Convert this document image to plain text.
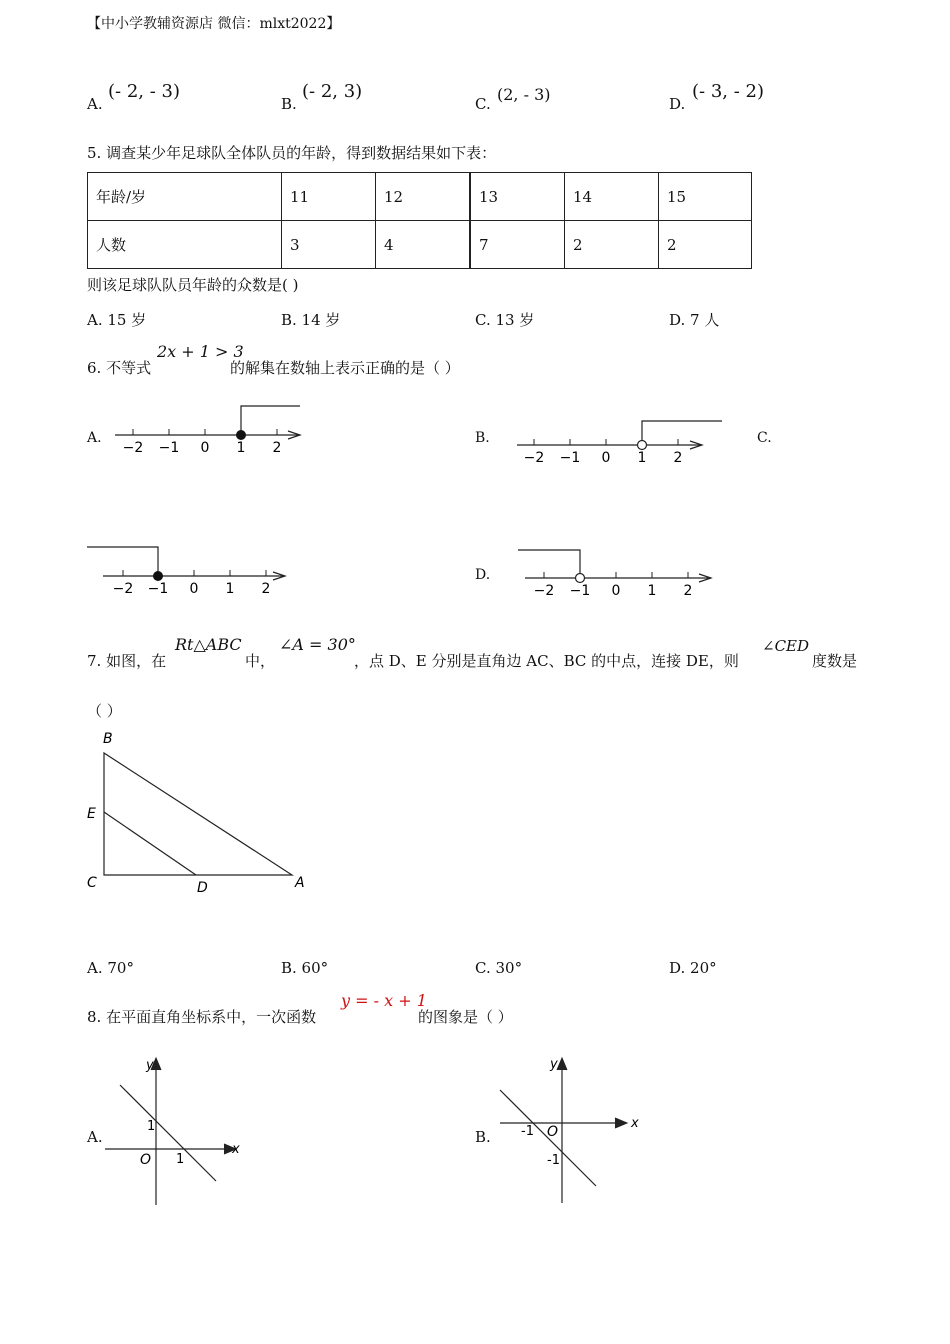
【中小学教辅资源店 微信：mlxt2022】
A.
(- 2, - 3)
B.
(- 2, 3)
C. (2, - 3)	D.
(- 3, - 2)
5. 调查某少年足球队全体队员的年龄，得到数据结果如下表：
年龄/岁	11	12	13	14	15
人数	3	4	7	2	2
则该足球队队员年龄的众数是( )
A. 15 岁	B. 14 岁	C. 13 岁	D. 7 人
6. 不等式
2x + 1 > 3
的解集在数轴上表示正确的是（ ）
A.	B.	C.
D.
−2 −1 0 1 2
−2 −1 0 1 2
−2 −1 0 1 2	−2 −1 0 1 2
7. 如图，在
Rt△ABC
中，
∠A = 30°
，点 D、E 分别是直角边 AC、BC 的中点，连接 DE，则
∠CED
度数是
（ ）
B
E
C	D	A
A. 70°	B. 60°	C. 30°	D. 20°
8. 在平面直角坐标系中，一次函数
y = - x + 1
的图象是（ ）
A.	B.
y
x
O
1
1
y
x
O
-1
-1
